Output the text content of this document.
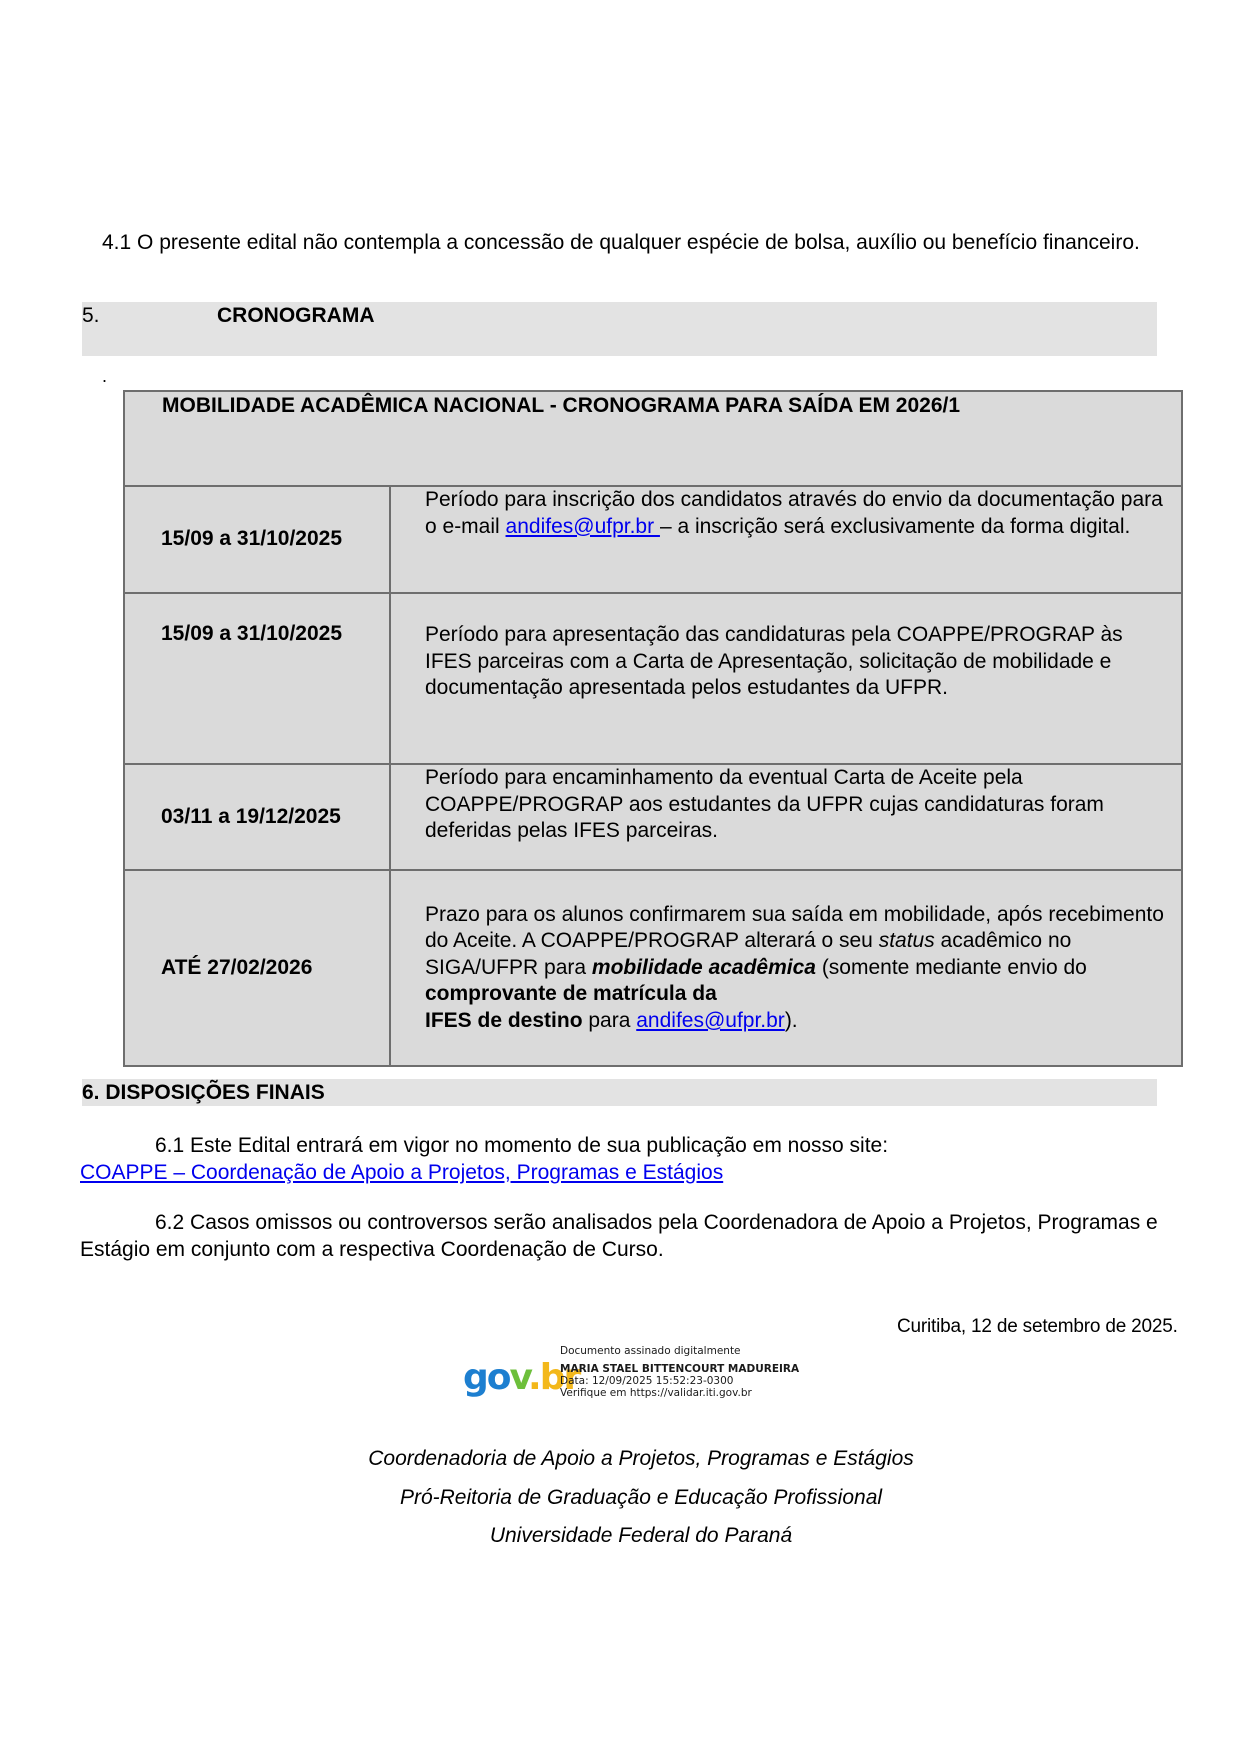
4.1 O presente edital não contempla a concessão de qualquer espécie de bolsa, auxílio ou benefício financeiro.

5.	CRONOGRAMA
.
MOBILIDADE ACADÊMICA NACIONAL - CRONOGRAMA PARA SAÍDA EM 2026/1	
15/09 a 31/10/2025	Período para inscrição dos candidatos através do envio da documentação para o e-mail andifes@ufpr.br – a inscrição será exclusivamente da forma digital.
15/09 a 31/10/2025	Período para apresentação das candidaturas pela COAPPE/PROGRAP às IFES parceiras com a Carta de Apresentação, solicitação de mobilidade e documentação apresentada pelos estudantes da UFPR.
03/11 a 19/12/2025	Período para encaminhamento da eventual Carta de Aceite pela COAPPE/PROGRAP aos estudantes da UFPR cujas candidaturas foram deferidas pelas IFES parceiras.
ATÉ 27/02/2026	Prazo para os alunos confirmarem sua saída em mobilidade, após recebimento do Aceite. A COAPPE/PROGRAP alterará o seu status acadêmico no SIGA/UFPR para mobilidade acadêmica (somente mediante envio do comprovante de matrícula da
IFES de destino para andifes@ufpr.br).
6. DISPOSIÇÕES FINAIS

6.1 Este Edital entrará em vigor no momento de sua publicação em nosso site:
COAPPE – Coordenação de Apoio a Projetos, Programas e Estágios

6.2 Casos omissos ou controversos serão analisados pela Coordenadora de Apoio a Projetos, Programas e Estágio em conjunto com a respectiva Coordenação de Curso.

Curitiba, 12 de setembro de 2025.
gov.br
Documento assinado digitalmente
MARIA STAEL BITTENCOURT MADUREIRA
Data: 12/09/2025 15:52:23-0300
Verifique em https://validar.iti.gov.br
Coordenadoria de Apoio a Projetos, Programas e Estágios
Pró-Reitoria de Graduação e Educação Profissional
Universidade Federal do Paraná
